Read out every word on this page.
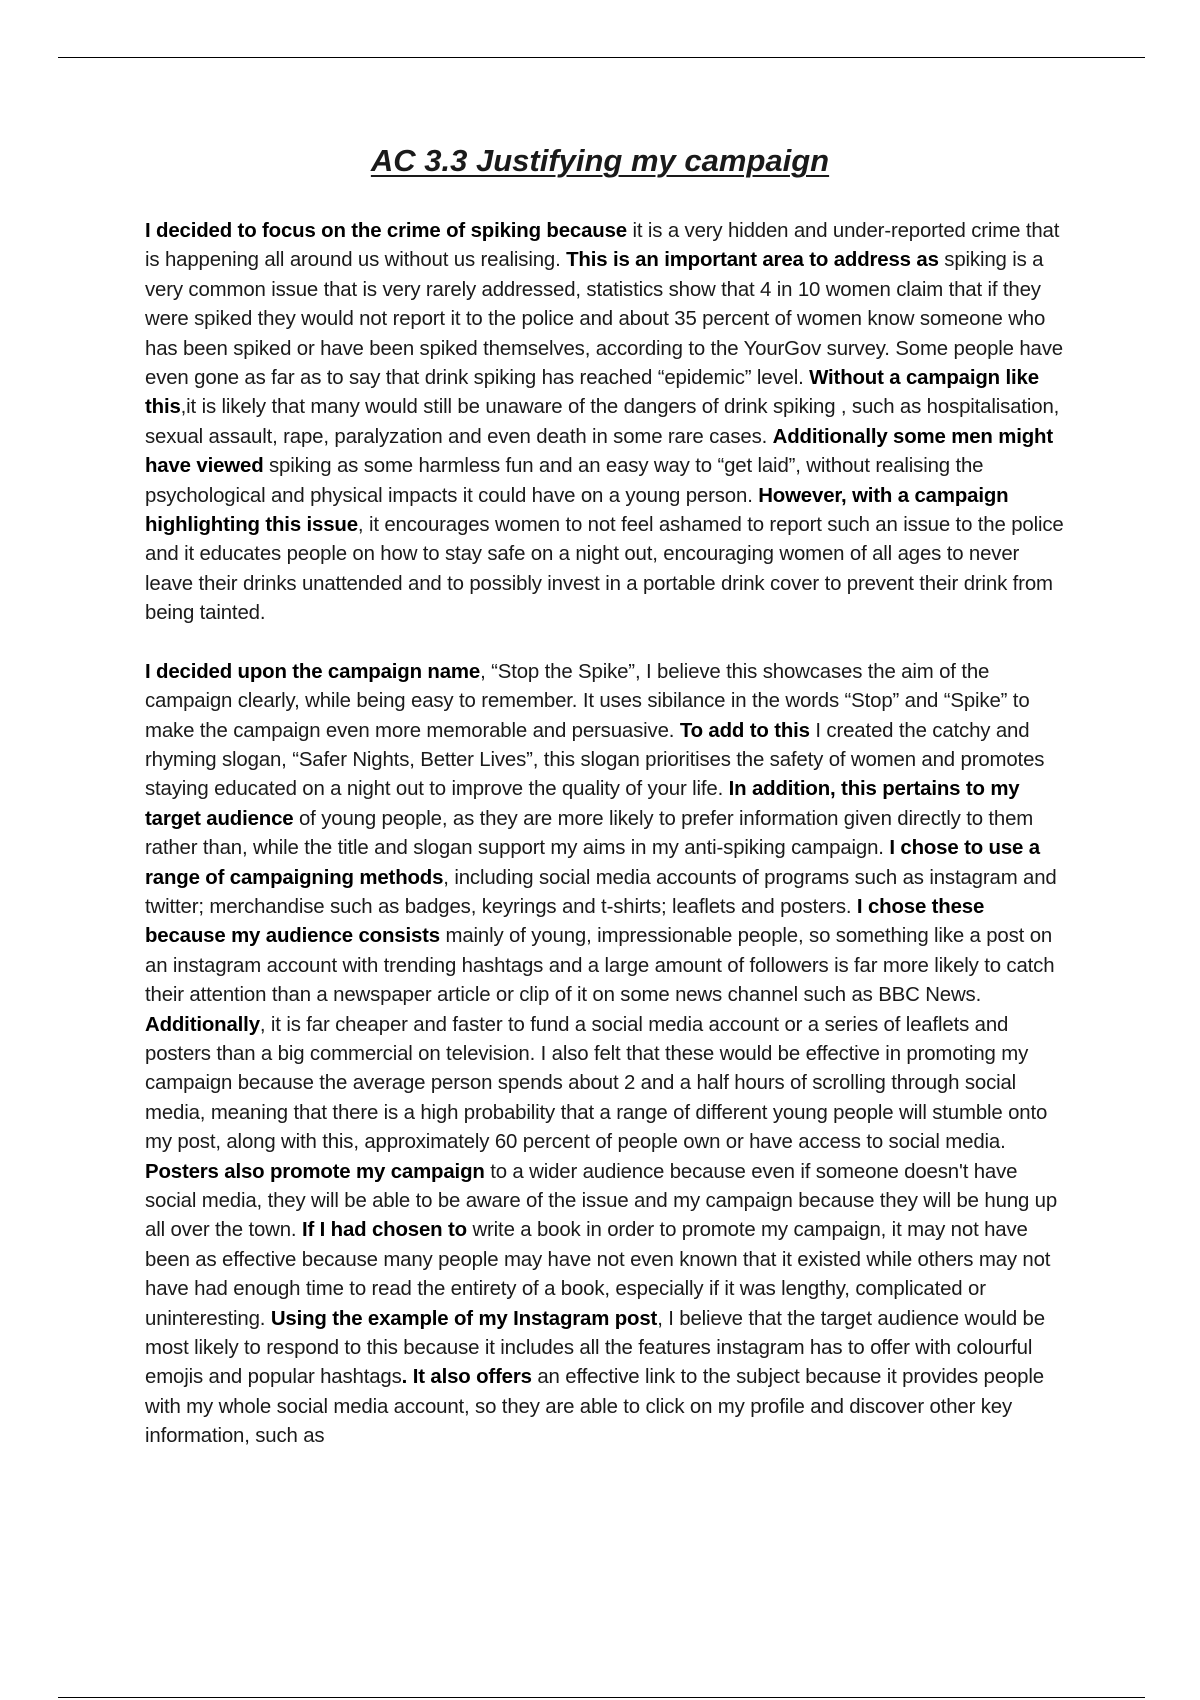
AC 3.3 Justifying my campaign

I decided to focus on the crime of spiking because it is a very hidden and under-reported crime that is happening all around us without us realising. This is an important area to address as spiking is a very common issue that is very rarely addressed, statistics show that 4 in 10 women claim that if they were spiked they would not report it to the police and about 35 percent of women know someone who has been spiked or have been spiked themselves, according to the YourGov survey. Some people have even gone as far as to say that drink spiking has reached “epidemic” level. Without a campaign like this,it is likely that many would still be unaware of the dangers of drink spiking , such as hospitalisation, sexual assault, rape, paralyzation and even death in some rare cases. Additionally some men might have viewed spiking as some harmless fun and an easy way to “get laid”, without realising the psychological and physical impacts it could have on a young person. However, with a campaign highlighting this issue, it encourages women to not feel ashamed to report such an issue to the police and it educates people on how to stay safe on a night out, encouraging women of all ages to never leave their drinks unattended and to possibly invest in a portable drink cover to prevent their drink from being tainted.

I decided upon the campaign name, “Stop the Spike”, I believe this showcases the aim of the campaign clearly, while being easy to remember. It uses sibilance in the words “Stop” and “Spike” to make the campaign even more memorable and persuasive. To add to this I created the catchy and rhyming slogan, “Safer Nights, Better Lives”, this slogan prioritises the safety of women and promotes staying educated on a night out to improve the quality of your life. In addition, this pertains to my target audience of young people, as they are more likely to prefer information given directly to them rather than, while the title and slogan support my aims in my anti-spiking campaign. I chose to use a range of campaigning methods, including social media accounts of programs such as instagram and twitter; merchandise such as badges, keyrings and t-shirts; leaflets and posters. I chose these because my audience consists mainly of young, impressionable people, so something like a post on an instagram account with trending hashtags and a large amount of followers is far more likely to catch their attention than a newspaper article or clip of it on some news channel such as BBC News. Additionally, it is far cheaper and faster to fund a social media account or a series of leaflets and posters than a big commercial on television. I also felt that these would be effective in promoting my campaign because the average person spends about 2 and a half hours of scrolling through social media, meaning that there is a high probability that a range of different young people will stumble onto my post, along with this, approximately 60 percent of people own or have access to social media. Posters also promote my campaign to a wider audience because even if someone doesn't have social media, they will be able to be aware of the issue and my campaign because they will be hung up all over the town. If I had chosen to write a book in order to promote my campaign, it may not have been as effective because many people may have not even known that it existed while others may not have had enough time to read the entirety of a book, especially if it was lengthy, complicated or uninteresting. Using the example of my Instagram post, I believe that the target audience would be most likely to respond to this because it includes all the features instagram has to offer with colourful emojis and popular hashtags. It also offers an effective link to the subject because it provides people with my whole social media account, so they are able to click on my profile and discover other key information, such as
